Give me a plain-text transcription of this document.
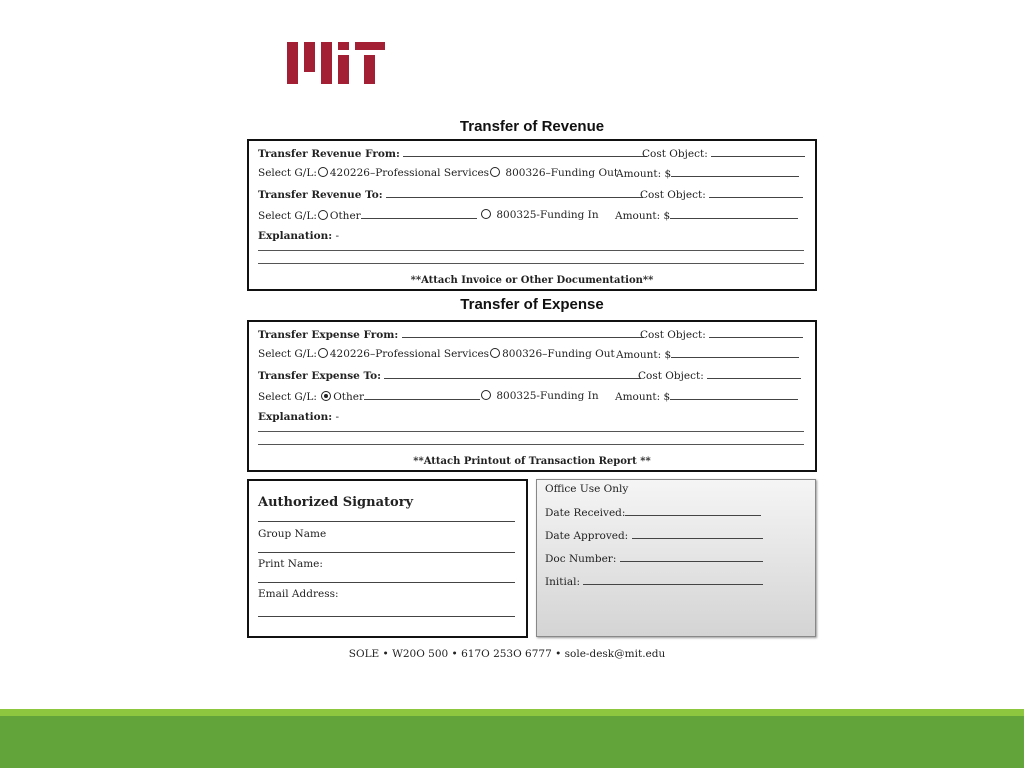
Transfer of Revenue
Transfer Revenue From:	Cost Object:
Select G/L: 420226–Professional Services 800326–Funding Out
Amount: $
Transfer Revenue To:	Cost Object:
Select G/L: Other	800325-Funding In Amount: $
Explanation: -
**Attach Invoice or Other Documentation**
Transfer of Expense
Transfer Expense From:	Cost Object:
Select G/L: 420226–Professional Services 800326–Funding Out Amount: $
Transfer Expense To:	Cost Object:
Select G/L: Other	800325-Funding In Amount: $
Explanation: -
**Attach Printout of Transaction Report **
Authorized Signatory
Group Name
Print Name:
Email Address:
Office Use Only
Date Received:
Date Approved:
Doc Number:
Initial:
SOLE • W20O 500 • 617O 253O 6777 • sole-desk@mit.edu
